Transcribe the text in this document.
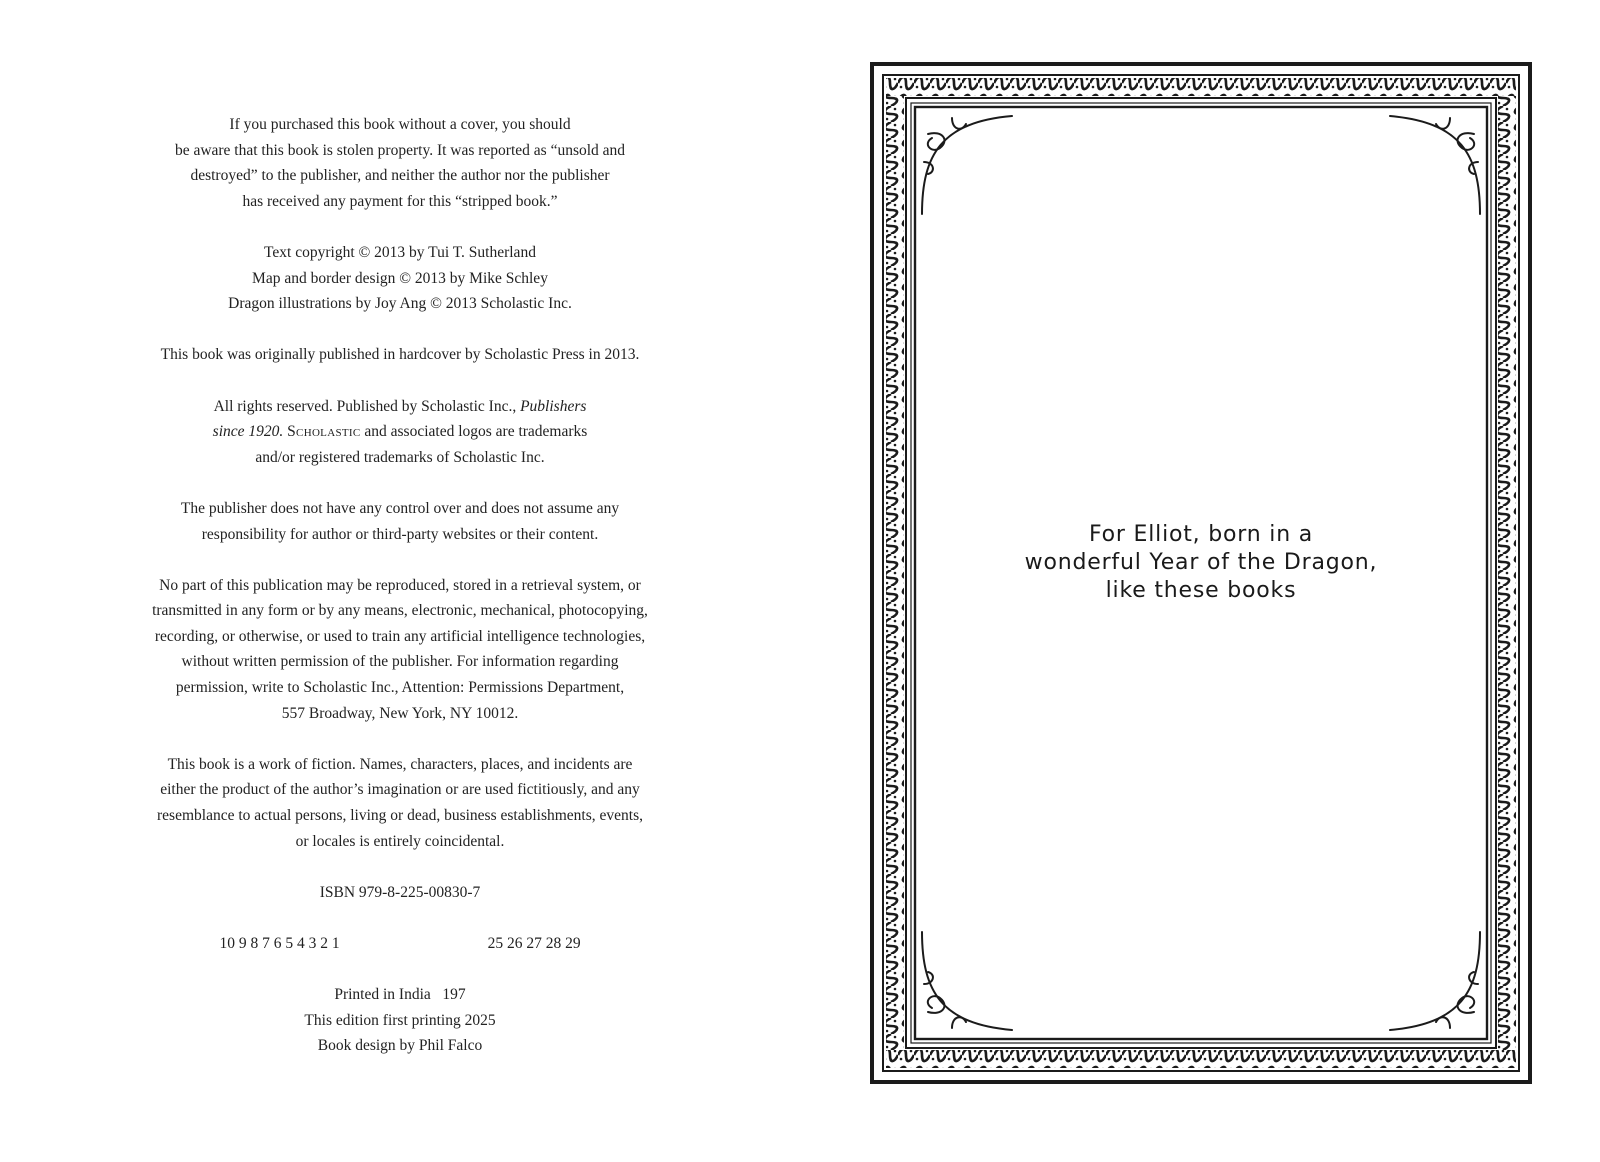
If you purchased this book without a cover, you should
be aware that this book is stolen property. It was reported as “unsold and
destroyed” to the publisher, and neither the author nor the publisher
has received any payment for this “stripped book.”

Text copyright © 2013 by Tui T. Sutherland
Map and border design © 2013 by Mike Schley
Dragon illustrations by Joy Ang © 2013 Scholastic Inc.

This book was originally published in hardcover by Scholastic Press in 2013.

All rights reserved. Published by Scholastic Inc., Publishers
since 1920. Scholastic and associated logos are trademarks
and/or registered trademarks of Scholastic Inc.

The publisher does not have any control over and does not assume any
responsibility for author or third-party websites or their content.

No part of this publication may be reproduced, stored in a retrieval system, or
transmitted in any form or by any means, electronic, mechanical, photocopying,
recording, or otherwise, or used to train any artificial intelligence technologies,
without written permission of the publisher. For information regarding
permission, write to Scholastic Inc., Attention: Permissions Department,
557 Broadway, New York, NY 10012.

This book is a work of fiction. Names, characters, places, and incidents are
either the product of the author’s imagination or are used fictitiously, and any
resemblance to actual persons, living or dead, business establishments, events,
or locales is entirely coincidental.

ISBN 979-8-225-00830-7

10 9 8 7 6 5 4 3 2 1	25 26 27 28 29

Printed in India   197
This edition first printing 2025
Book design by Phil Falco

For Elliot, born in a
wonderful Year of the Dragon,
like these books
